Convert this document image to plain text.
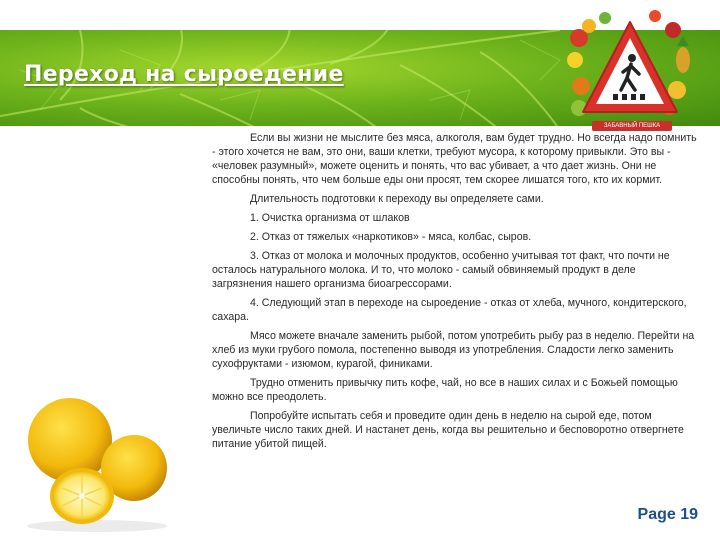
Переход на сыроедение
ЗАБАВНЫЙ ПЕШКА

Если вы жизни не мыслите без мяса, алкоголя, вам будет трудно. Но всегда надо помнить - этого хочется не вам, это они, ваши клетки, требуют мусора, к которому привыкли. Это вы - «человек разумный», можете оценить и понять, что вас убивает, а что дает жизнь. Они не способны понять, что чем больше еды они просят, тем скорее лишатся того, кто их кормит.

Длительность подготовки к переходу вы определяете сами.

1. Очистка организма от шлаков

2. Отказ от тяжелых «наркотиков» - мяса, колбас, сыров.

3. Отказ от молока и молочных продуктов, особенно учитывая тот факт, что почти не осталось натурального молока. И то, что молоко - самый обвиняемый продукт в деле загрязнения нашего организма биоагрессорами.

4. Следующий этап в переходе на сыроедение - отказ от хлеба, мучного, кондитерского, сахара.

Мясо можете вначале заменить рыбой, потом употребить рыбу раз в неделю. Перейти на хлеб из муки грубого помола, постепенно выводя из употребления. Сладости легко заменить сухофруктами - изюмом, курагой, финиками.

Трудно отменить привычку пить кофе, чай, но все в наших силах и с Божьей помощью можно все преодолеть.

Попробуйте испытать себя и проведите один день в неделю на сырой еде, потом увеличьте число таких дней. И настанет день, когда вы решительно и бесповоротно отвергнете питание убитой пищей.

Page 19
